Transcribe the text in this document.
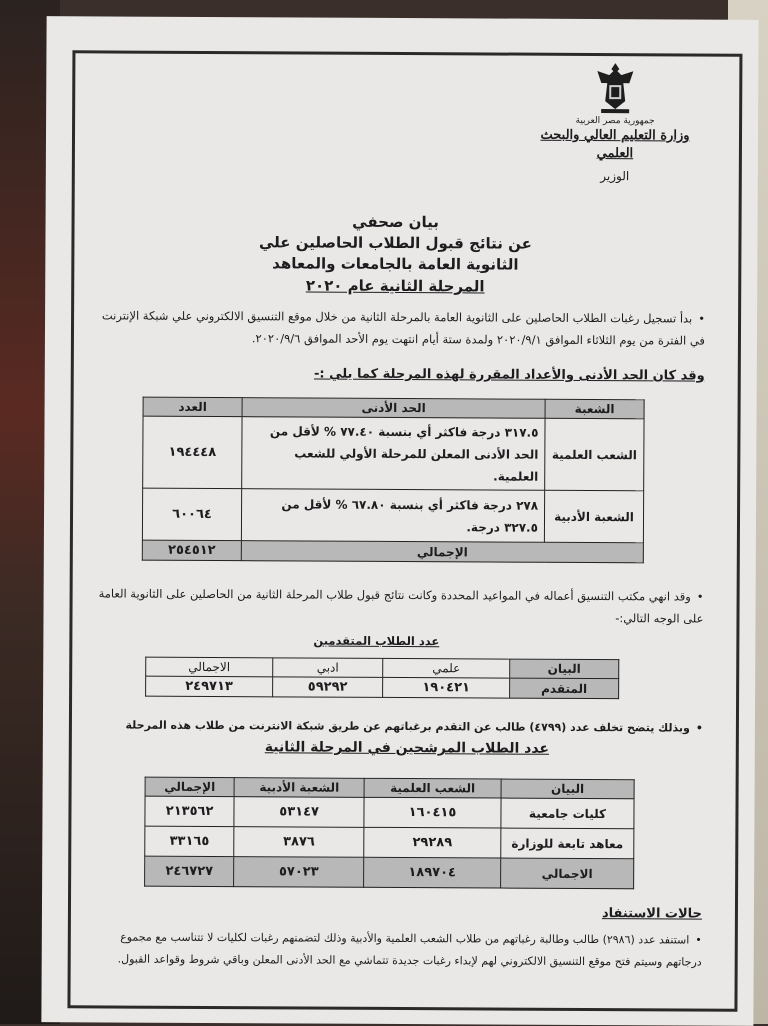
جمهورية مصر العربية
وزارة التعليم العالي والبحث العلمي
الوزير
بيان صحفي
عن نتائج قبول الطلاب الحاصلين علي
الثانوية العامة بالجامعات والمعاهد
المرحلة الثانية عام ٢٠٢٠
• بدأ تسجيل رغبات الطلاب الحاصلين على الثانوية العامة بالمرحلة الثانية من خلال موقع التنسيق الالكتروني علي شبكة الإنترنت في الفترة من يوم الثلاثاء الموافق ٢٠٢٠/٩/١ ولمدة ستة أيام انتهت يوم الأحد الموافق ٢٠٢٠/٩/٦.
وقد كان الحد الأدنى والأعداد المقررة لهذه المرحلة كما يلي :-
الشعبة	الحد الأدنى	العدد
الشعب العلمية	٣١٧.٥ درجة فاكثر أي بنسبة ٧٧.٤٠ % لأقل من الحد الأدنى المعلن للمرحلة الأولي للشعب العلمية.	١٩٤٤٤٨
الشعبة الأدبية	٢٧٨ درجة فاكثر أي بنسبة ٦٧.٨٠ % لأقل من ٣٢٧.٥ درجة.	٦٠٠٦٤
الإجمالي		٢٥٤٥١٢
• وقد انهي مكتب التنسيق أعماله في المواعيد المحددة وكانت نتائج قبول طلاب المرحلة الثانية من الحاصلين على الثانوية العامة على الوجه التالي:-
عدد الطلاب المتقدمين
البيان	علمي	ادبي	الاجمالي
المتقدم	١٩٠٤٢١	٥٩٢٩٢	٢٤٩٧١٣
• وبذلك يتضح تخلف عدد (٤٧٩٩) طالب عن التقدم برغباتهم عن طريق شبكة الانترنت من طلاب هذه المرحلة
عدد الطلاب المرشحين في المرحلة الثانية
البيان	الشعب العلمية	الشعبة الأدبية	الإجمالي
كليات جامعية	١٦٠٤١٥	٥٣١٤٧	٢١٣٥٦٢
معاهد تابعة للوزارة	٢٩٢٨٩	٣٨٧٦	٣٣١٦٥
الاجمالي	١٨٩٧٠٤	٥٧٠٢٣	٢٤٦٧٢٧
حالات الاستنفاد
• استنفد عدد (٢٩٨٦) طالب وطالبة رغباتهم من طلاب الشعب العلمية والأدبية وذلك لتضمنهم رغبات لكليات لا تتناسب مع مجموع درجاتهم وسيتم فتح موقع التنسيق الالكتروني لهم لإبداء رغبات جديدة تتماشي مع الحد الأدنى المعلن وباقي شروط وقواعد القبول.
